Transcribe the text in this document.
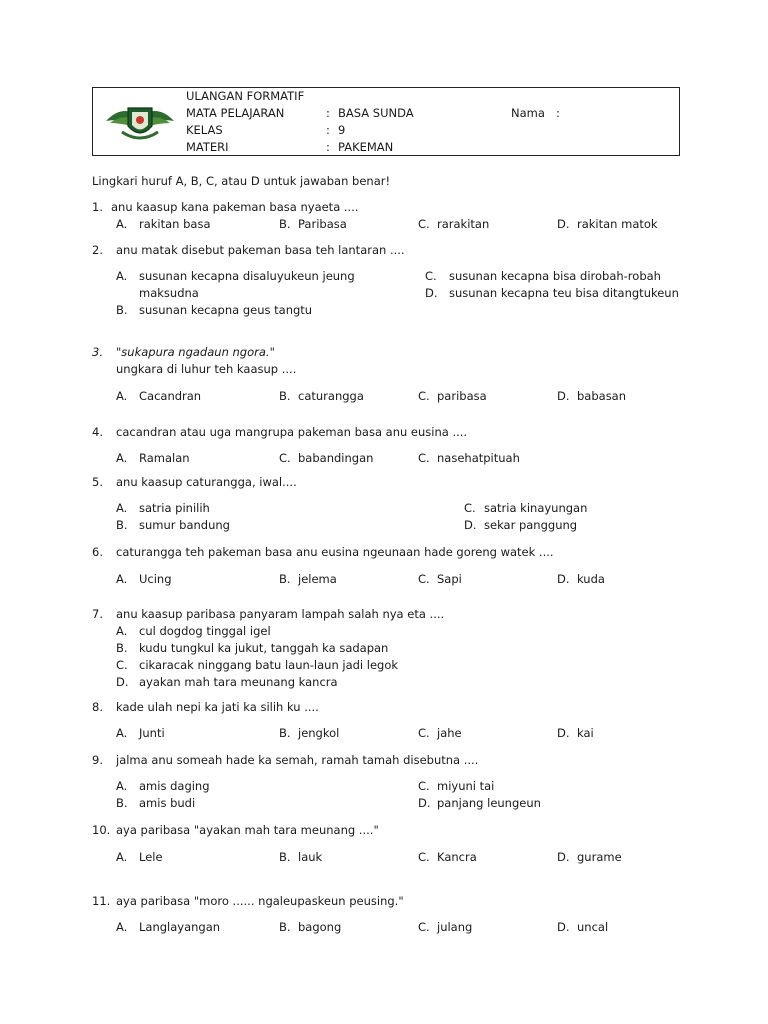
ULANGAN FORMATIF
MATA PELAJARAN	: BASA SUNDA	Nama :
KELAS	: 9
MATERI	: PAKEMAN
Lingkari huruf A, B, C, atau D untuk jawaban benar!
1. anu kaasup kana pakeman basa nyaeta ....
A. rakitan basa	B. Paribasa	C. rarakitan	D. rakitan matok
2. anu matak disebut pakeman basa teh lantaran ....
A. susunan kecapna disaluyukeun jeung
maksudna
B. susunan kecapna geus tangtu
C. susunan kecapna bisa dirobah-robah
D. susunan kecapna teu bisa ditangtukeun
3. "sukapura ngadaun ngora."
ungkara di luhur teh kaasup ....
A. Cacandran	B. caturangga	C. paribasa	D. babasan
4. cacandran atau uga mangrupa pakeman basa anu eusina ....
A. Ramalan	C. babandingan	C. nasehatpituah
5. anu kaasup caturangga, iwal....
A. satria pinilih
B. sumur bandung
C. satria kinayungan
D. sekar panggung
6. caturangga teh pakeman basa anu eusina ngeunaan hade goreng watek ....
A. Ucing	B. jelema	C. Sapi	D. kuda
7. anu kaasup paribasa panyaram lampah salah nya eta ....
A. cul dogdog tinggal igel
B. kudu tungkul ka jukut, tanggah ka sadapan
C. cikaracak ninggang batu laun-laun jadi legok
D. ayakan mah tara meunang kancra
8. kade ulah nepi ka jati ka silih ku ....
A. Junti	B. jengkol	C. jahe	D. kai
9. jalma anu someah hade ka semah, ramah tamah disebutna ....
A. amis daging
B. amis budi
C. miyuni tai
D. panjang leungeun
10. aya paribasa "ayakan mah tara meunang ...."
A. Lele	B. lauk	C. Kancra	D. gurame
11. aya paribasa "moro ...... ngaleupaskeun peusing."
A. Langlayangan	B. bagong	C. julang	D. uncal
